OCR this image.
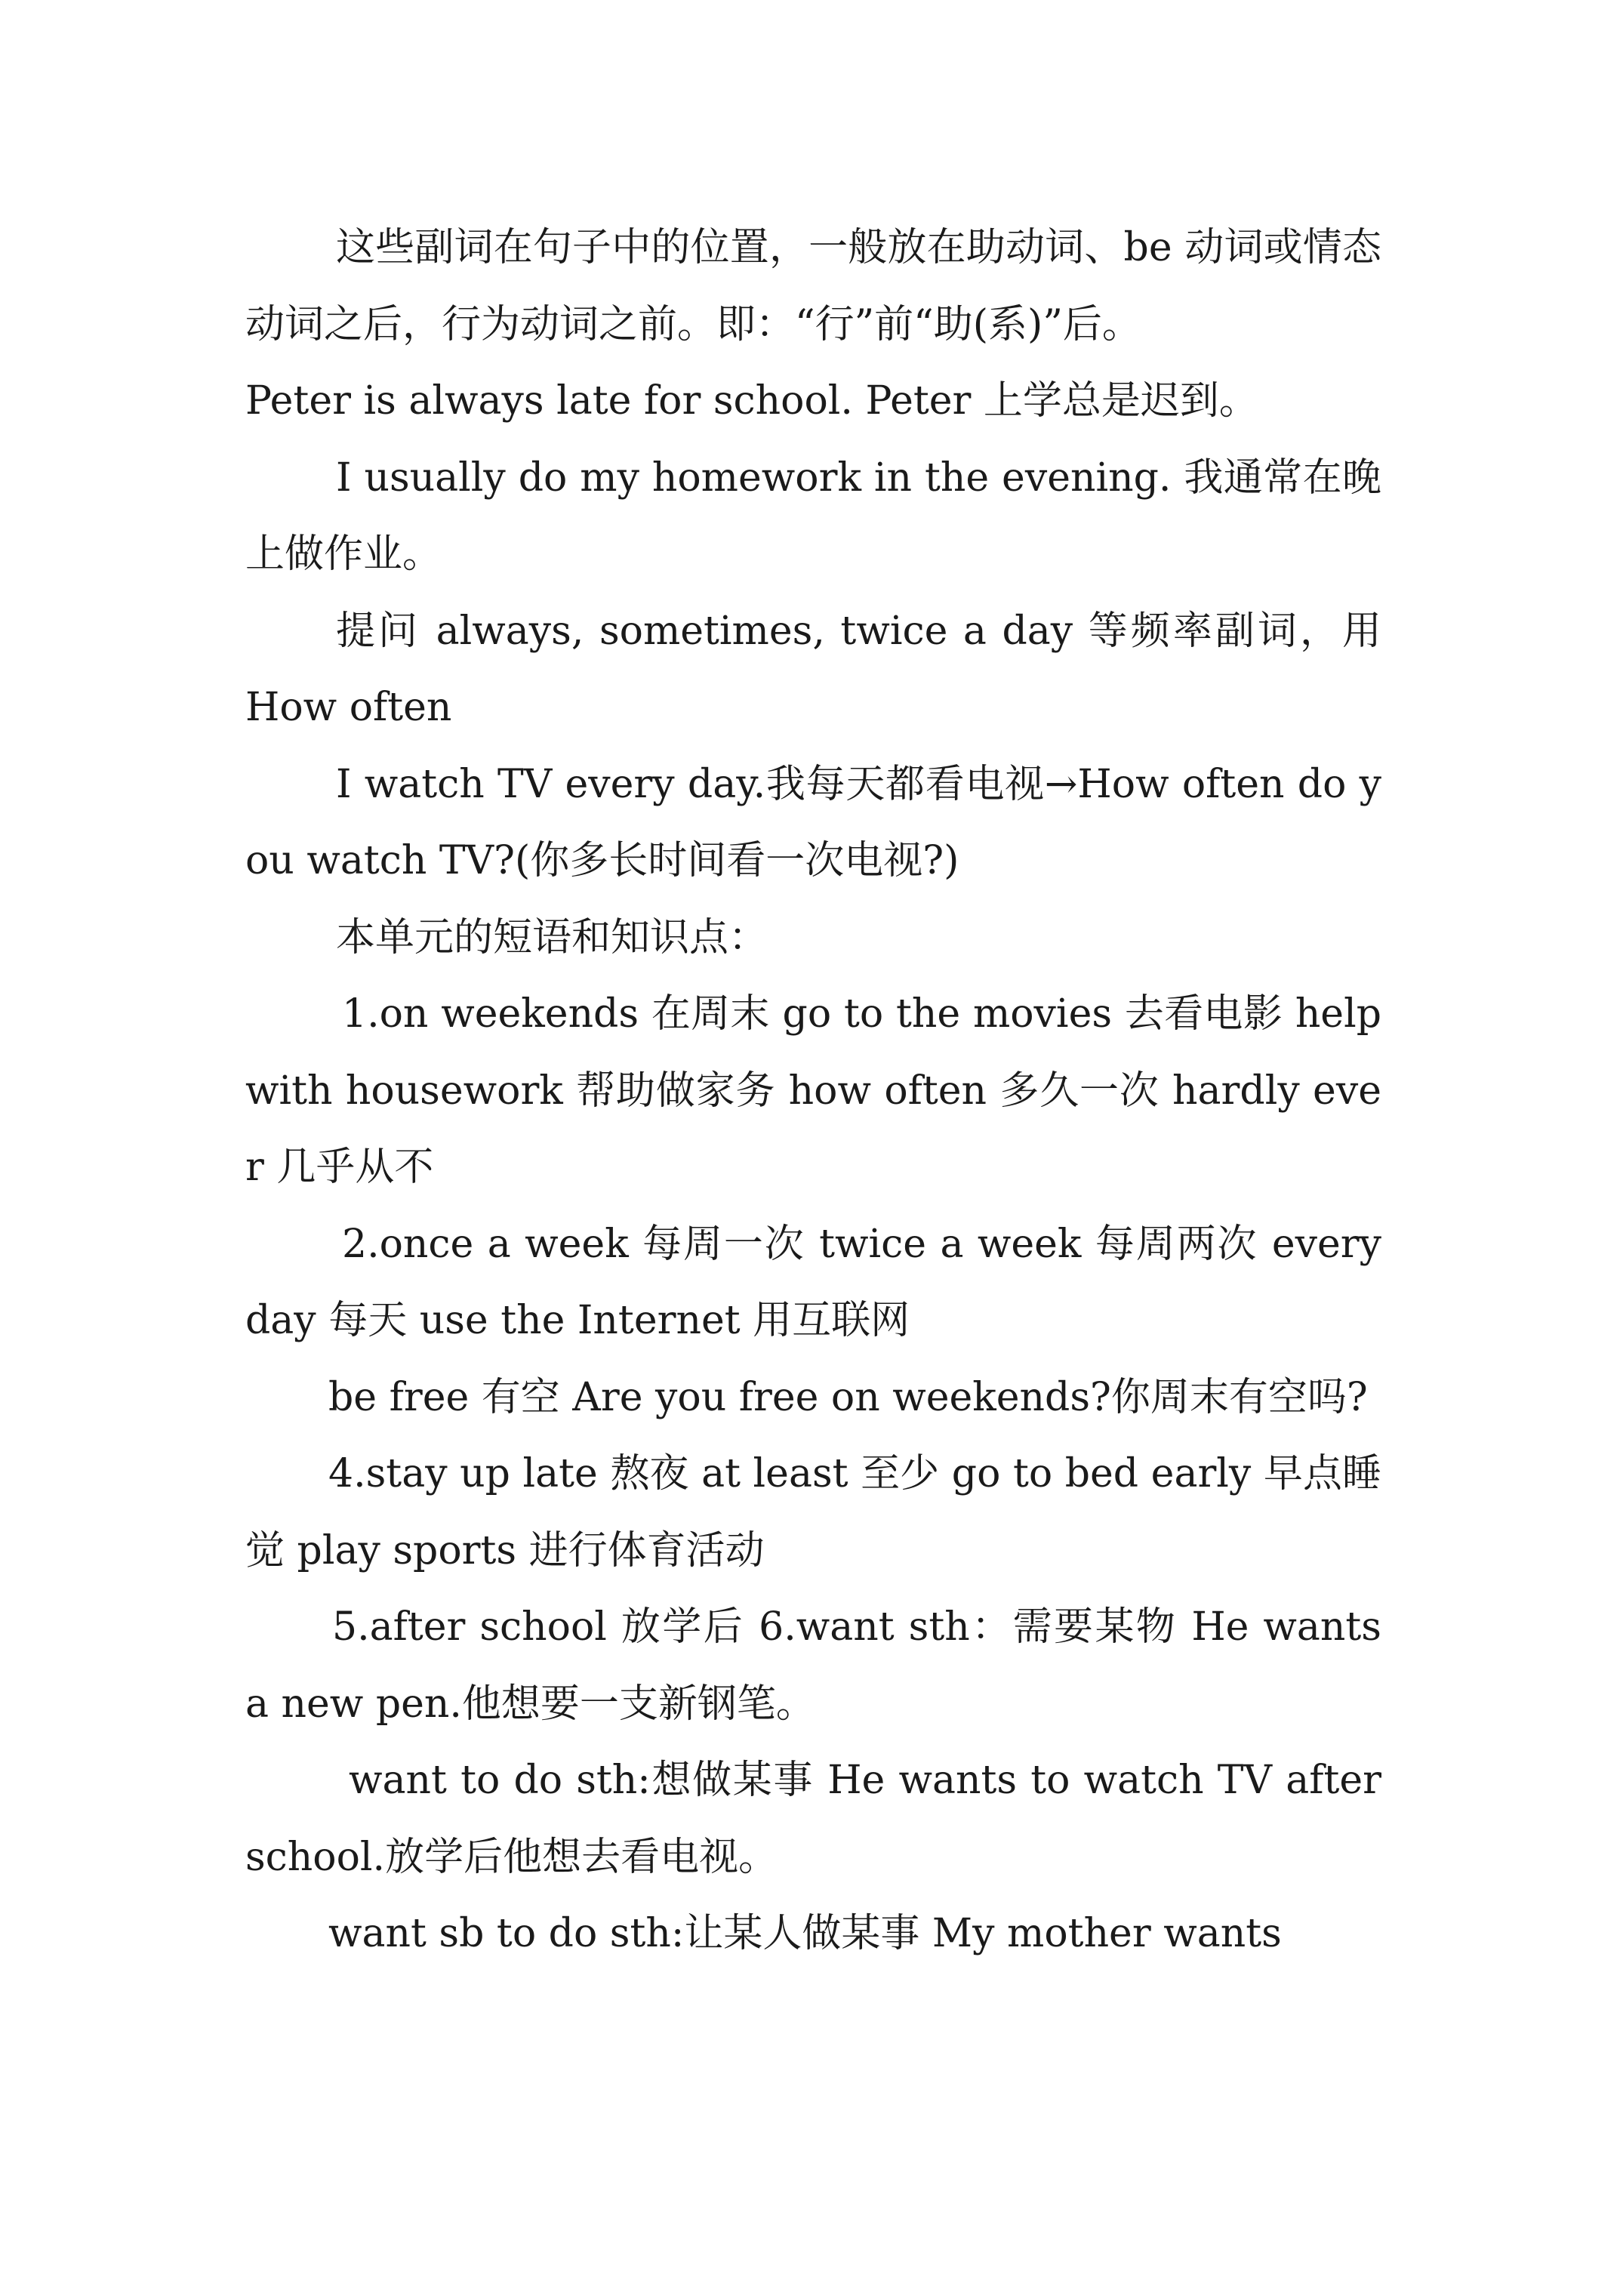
这些副词在句子中的位置，一般放在助动词、be 动词或情态动词之后，行为动词之前。即：“行”前“助(系)”后。

Peter is always late for school. Peter 上学总是迟到。

I usually do my homework in the evening. 我通常在晚上做作业。

提问 always, sometimes, twice a day 等频率副词，用 How often

I watch TV every day.我每天都看电视→How often do you watch TV?(你多长时间看一次电视?)

本单元的短语和知识点：

1.on weekends 在周末 go to the movies 去看电影 help with housework 帮助做家务 how often 多久一次 hardly ever 几乎从不

2.once a week 每周一次 twice a week 每周两次 every day 每天 use the Internet 用互联网

be free 有空 Are you free on weekends?你周末有空吗?

4.stay up late 熬夜 at least 至少 go to bed early 早点睡觉 play sports 进行体育活动

5.after school 放学后 6.want sth：需要某物 He wants a new pen.他想要一支新钢笔。

want to do sth:想做某事 He wants to watch TV after school.放学后他想去看电视。

want sb to do sth:让某人做某事 My mother wants
